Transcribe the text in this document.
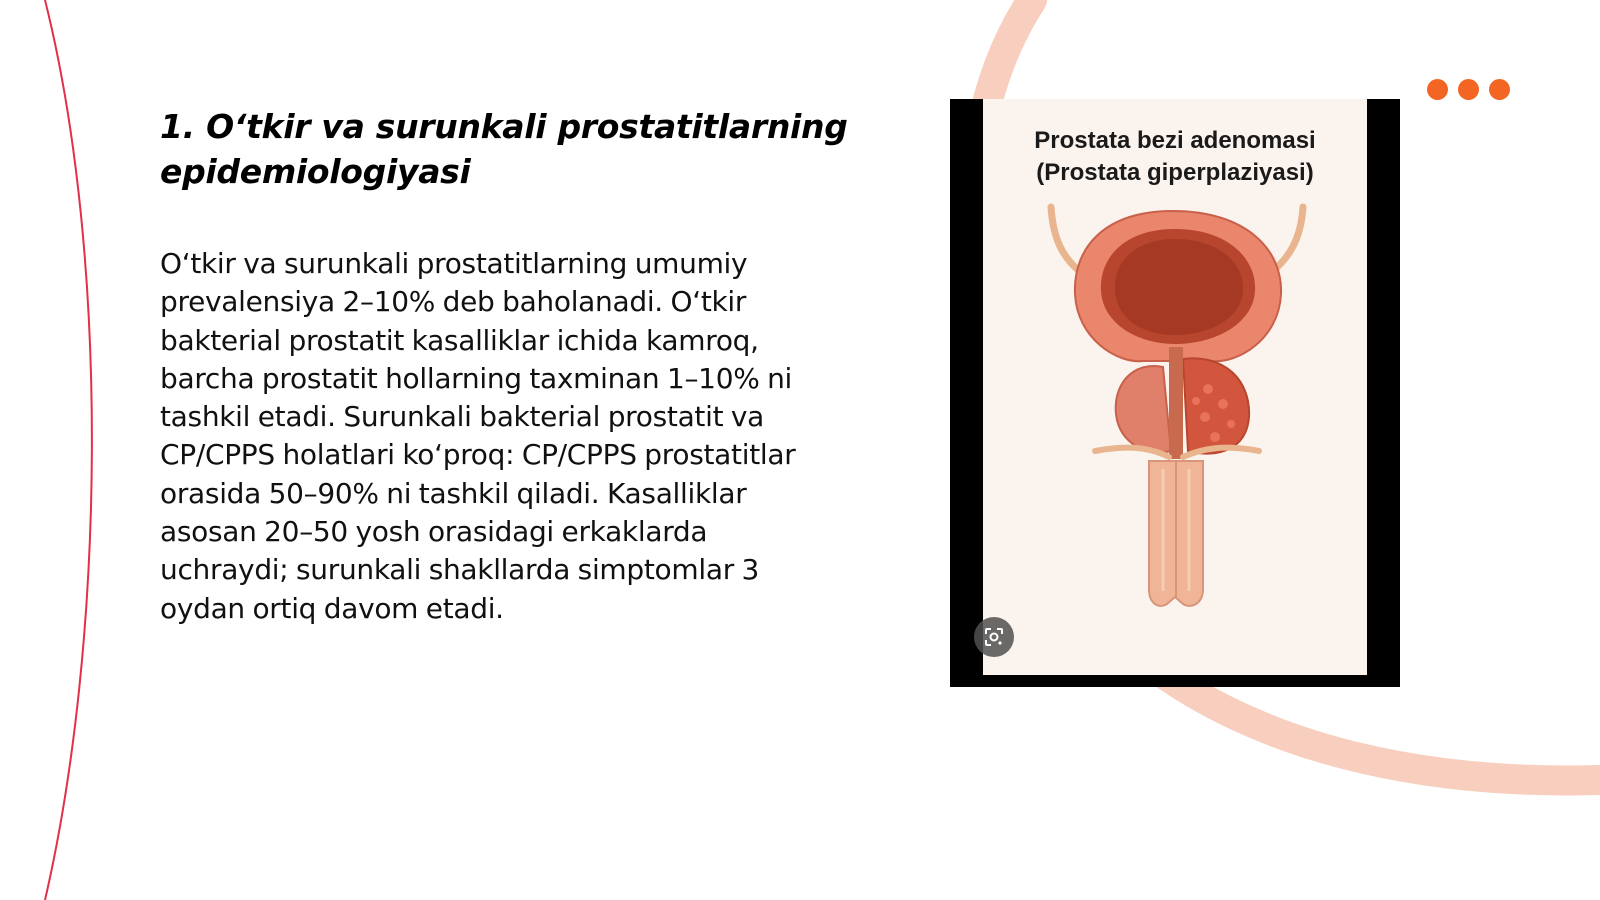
1. O‘tkir va surunkali prostatitlarning epidemiologiyasi

O‘tkir va surunkali prostatitlarning umumiy prevalensiya 2–10% deb baholanadi. O‘tkir bakterial prostatit kasalliklar ichida kamroq, barcha prostatit hollarning taxminan 1–10% ni tashkil etadi. Surunkali bakterial prostatit va CP/CPPS holatlari ko‘proq: CP/CPPS prostatitlar orasida 50–90% ni tashkil qiladi. Kasalliklar asosan 20–50 yosh orasidagi erkaklarda uchraydi; surunkali shakllarda simptomlar 3 oydan ortiq davom etadi.

Prostata bezi adenomasi
(Prostata giperplaziyasi)
